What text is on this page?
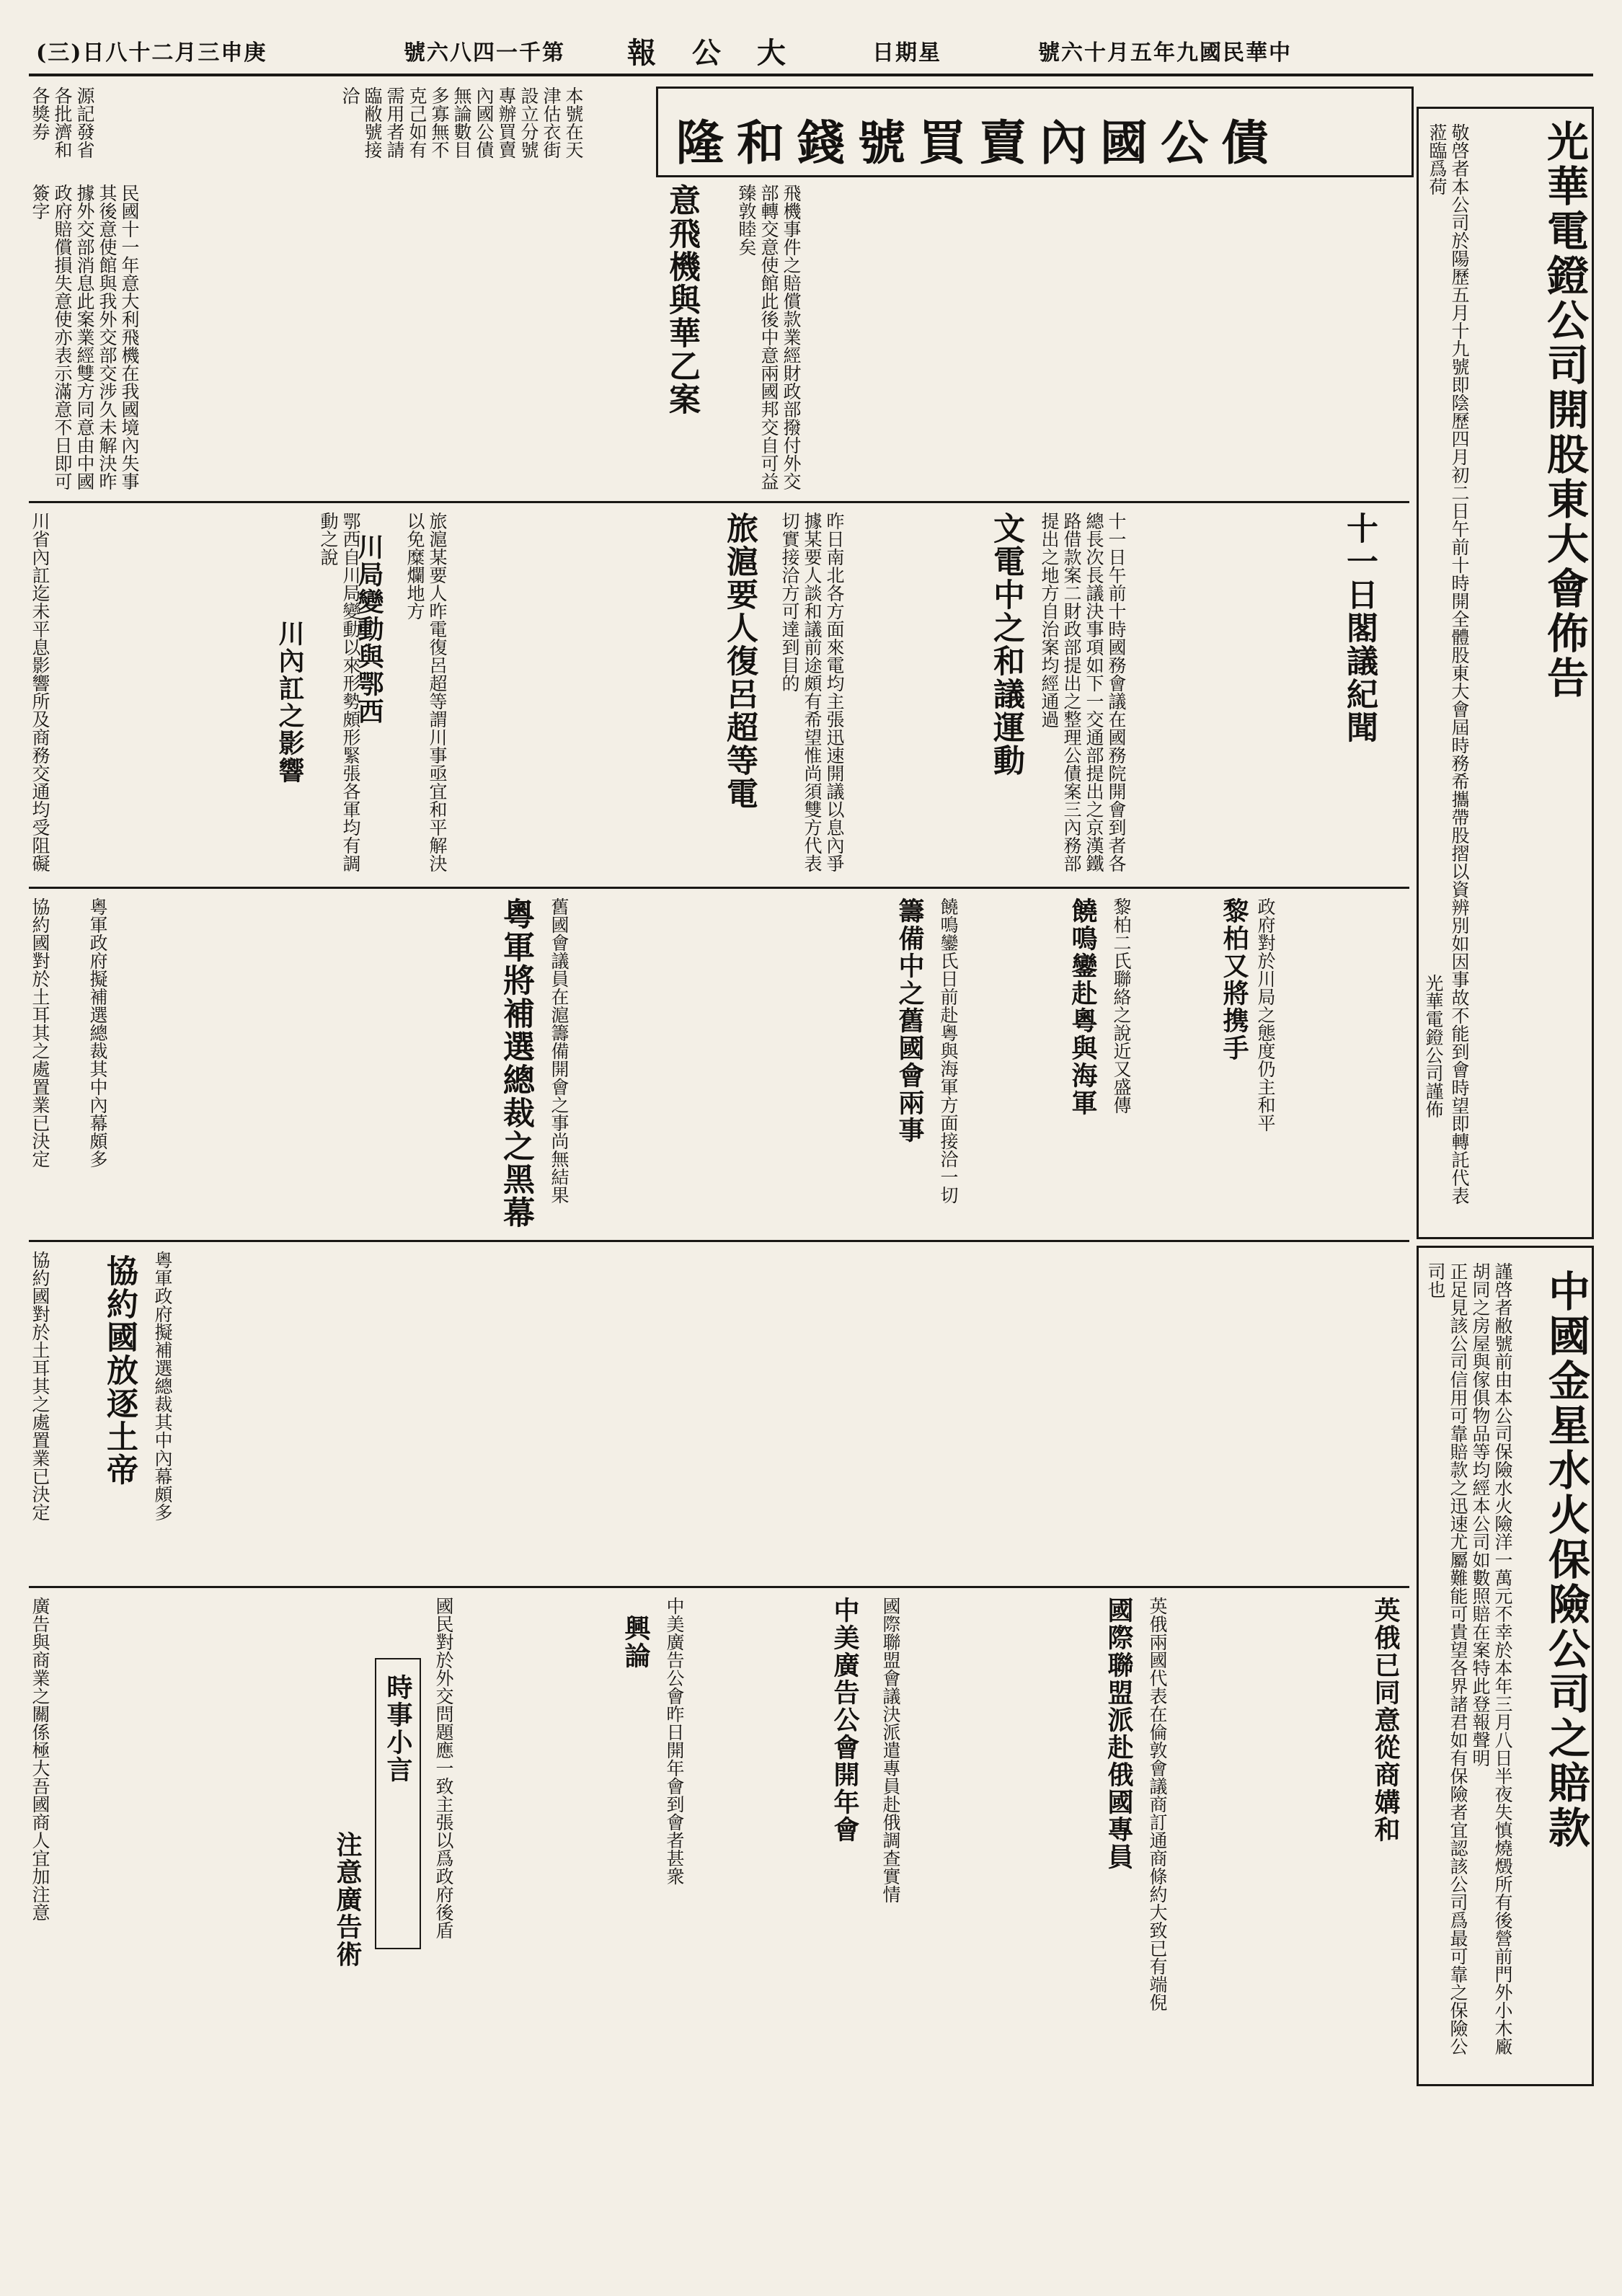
(三)日八十二月三申庚	號六八四一千第 報 公 大	日期星	號六十月五年九國民華中
光華電鐙公司開股東大會佈告

敬啓者本公司於陽歷五月十九號即陰歷四月初二日午前十時開全體股東大會屆時務希攜帶股摺以資辨別如因事故不能到會時望即轉託代表蒞臨爲荷

光華電鐙公司謹佈

中國金星水火保險公司之賠款

謹啓者敝號前由本公司保險水火險洋一萬元不幸於本年三月八日半夜失慎燒燬所有後營前門外小木廠胡同之房屋與傢俱物品等均經本公司如數照賠在案特此登報聲明

正足見該公司信用可靠賠款之迅速尤屬難能可貴望各界諸君如有保險者宜認該公司爲最可靠之保險公司也

隆和錢號買賣內國公債

源記發省各批濟和各獎券	本號在天津估衣街設立分號專辦買賣內國公債無論數目多寡無不克己如有需用者請臨敝號接洽

飛機事件之賠償款業經財政部撥付外交部轉交意使館此後中意兩國邦交自可益臻敦睦矣

意飛機與華乙案

民國十一年意大利飛機在我國境內失事其後意使館與我外交部交涉久未解決昨據外交部消息此案業經雙方同意由中國政府賠償損失意使亦表示滿意不日即可簽字

十一日閣議紀聞

十一日午前十時國務會議在國務院開會到者各總長次長議決事項如下一交通部提出之京漢鐵路借款案二財政部提出之整理公債案三內務部提出之地方自治案均經通過

文電中之和議運動

昨日南北各方面來電均主張迅速開議以息內爭據某要人談和議前途頗有希望惟尚須雙方代表切實接洽方可達到目的

旅滬要人復呂超等電

旅滬某要人昨電復呂超等謂川事亟宜和平解決以免糜爛地方

川局變動與鄂西

鄂西自川局變動以來形勢頗形緊張各軍均有調動之說

川內訌之影響

川省內訌迄未平息影響所及商務交通均受阻礙

政府對於川局之態度仍主和平

黎柏又將携手

黎柏二氏聯絡之說近又盛傳

饒鳴鑾赴粵與海軍

饒鳴鑾氏日前赴粵與海軍方面接洽一切

籌備中之舊國會兩事

舊國會議員在滬籌備開會之事尚無結果

粵軍將補選總裁之黑幕

粵軍政府擬補選總裁其中內幕頗多

協約國對於土耳其之處置業已決定

粵軍政府擬補選總裁其中內幕頗多

協約國放逐土帝

協約國對於土耳其之處置業已決定

英俄已同意從商媾和

英俄兩國代表在倫敦會議商訂通商條約大致已有端倪

國際聯盟派赴俄國專員

國際聯盟會議決派遣專員赴俄調查實情

中美廣告公會開年會

中美廣告公會昨日開年會到會者甚衆

興論

國民對於外交問題應一致主張以爲政府後盾

時事小言
注意廣告術

廣告與商業之關係極大吾國商人宜加注意
